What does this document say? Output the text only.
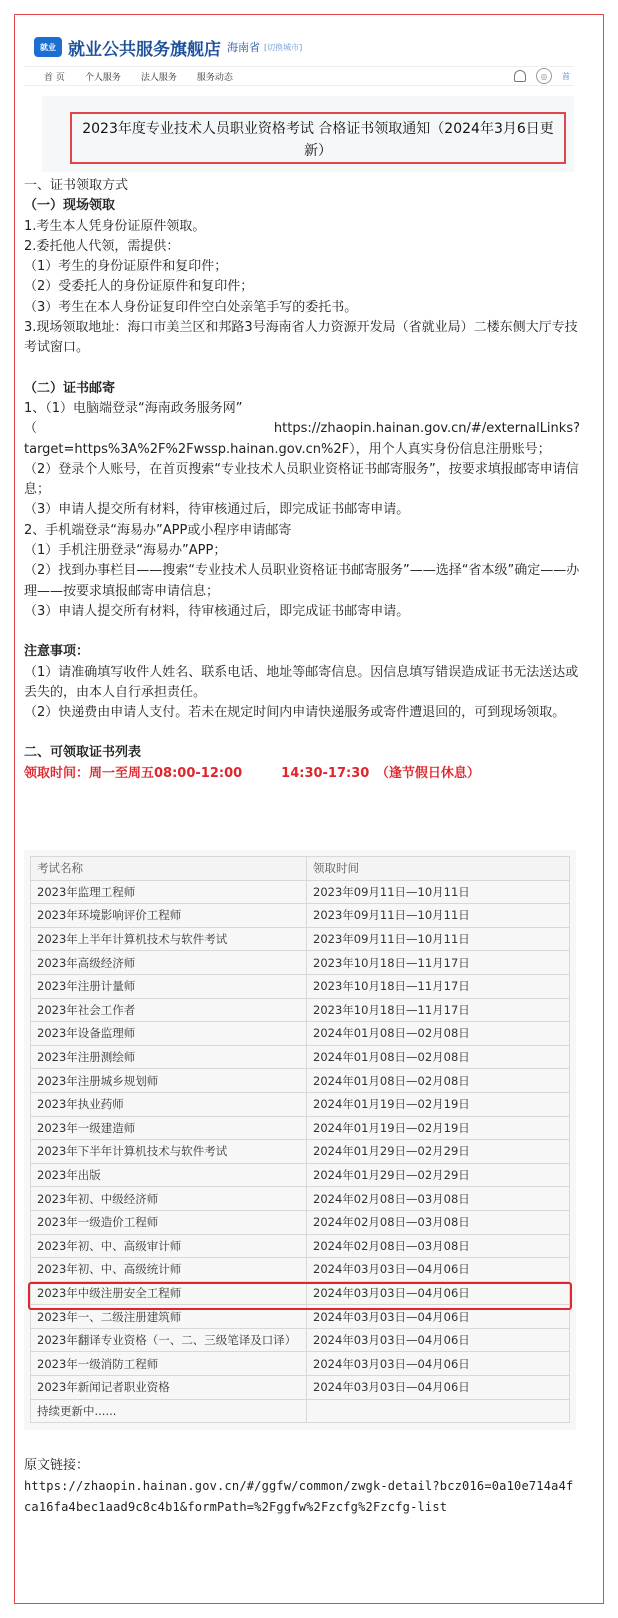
就业 就业公共服务旗舰店 海南省 [切换城市]
首 页 个人服务 法人服务 服务动态	◎	首
2023年度专业技术人员职业资格考试 合格证书领取通知（2024年3月6日更新）

一、证书领取方式

（一）现场领取

1.考生本人凭身份证原件领取。

2.委托他人代领，需提供：

（1）考生的身份证原件和复印件；

（2）受委托人的身份证原件和复印件；

（3）考生在本人身份证复印件空白处亲笔手写的委托书。

3.现场领取地址：海口市美兰区和邦路3号海南省人力资源开发局（省就业局）二楼东侧大厅专技考试窗口。

（二）证书邮寄

1、（1）电脑端登录“海南政务服务网”

（ https://zhaopin.hainan.gov.cn/#/externalLinks?target=https%3A%2F%2Fwssp.hainan.gov.cn%2F），用个人真实身份信息注册账号；

（2）登录个人账号，在首页搜索“专业技术人员职业资格证书邮寄服务”，按要求填报邮寄申请信息；

（3）申请人提交所有材料，待审核通过后，即完成证书邮寄申请。

2、手机端登录“海易办”APP或小程序申请邮寄

（1）手机注册登录“海易办”APP；

（2）找到办事栏目——搜索“专业技术人员职业资格证书邮寄服务”——选择“省本级”确定——办理——按要求填报邮寄申请信息；

（3）申请人提交所有材料，待审核通过后，即完成证书邮寄申请。

注意事项：

（1）请准确填写收件人姓名、联系电话、地址等邮寄信息。因信息填写错误造成证书无法送达或丢失的，由本人自行承担责任。

（2）快递费由申请人支付。若未在规定时间内申请快递服务或寄件遭退回的，可到现场领取。

二、可领取证书列表

领取时间：周一至周五08:00-12:00　　　14:30-17:30　（逢节假日休息）

考试名称	领取时间
2023年监理工程师	2023年09月11日—10月11日
2023年环境影响评价工程师	2023年09月11日—10月11日
2023年上半年计算机技术与软件考试	2023年09月11日—10月11日
2023年高级经济师	2023年10月18日—11月17日
2023年注册计量师	2023年10月18日—11月17日
2023年社会工作者	2023年10月18日—11月17日
2023年设备监理师	2024年01月08日—02月08日
2023年注册测绘师	2024年01月08日—02月08日
2023年注册城乡规划师	2024年01月08日—02月08日
2023年执业药师	2024年01月19日—02月19日
2023年一级建造师	2024年01月19日—02月19日
2023年下半年计算机技术与软件考试	2024年01月29日—02月29日
2023年出版	2024年01月29日—02月29日
2023年初、中级经济师	2024年02月08日—03月08日
2023年一级造价工程师	2024年02月08日—03月08日
2023年初、中、高级审计师	2024年02月08日—03月08日
2023年初、中、高级统计师	2024年03月03日—04月06日
2023年中级注册安全工程师	2024年03月03日—04月06日
2023年一、二级注册建筑师	2024年03月03日—04月06日
2023年翻译专业资格（一、二、三级笔译及口译）	2024年03月03日—04月06日
2023年一级消防工程师	2024年03月03日—04月06日
2023年新闻记者职业资格	2024年03月03日—04月06日
持续更新中......	

原文链接：

https://zhaopin.hainan.gov.cn/#/ggfw/common/zwgk-detail?bcz016=0a10e714a4fca16fa4bec1aad9c8c4b1&formPath=%2Fggfw%2Fzcfg%2Fzcfg-list
